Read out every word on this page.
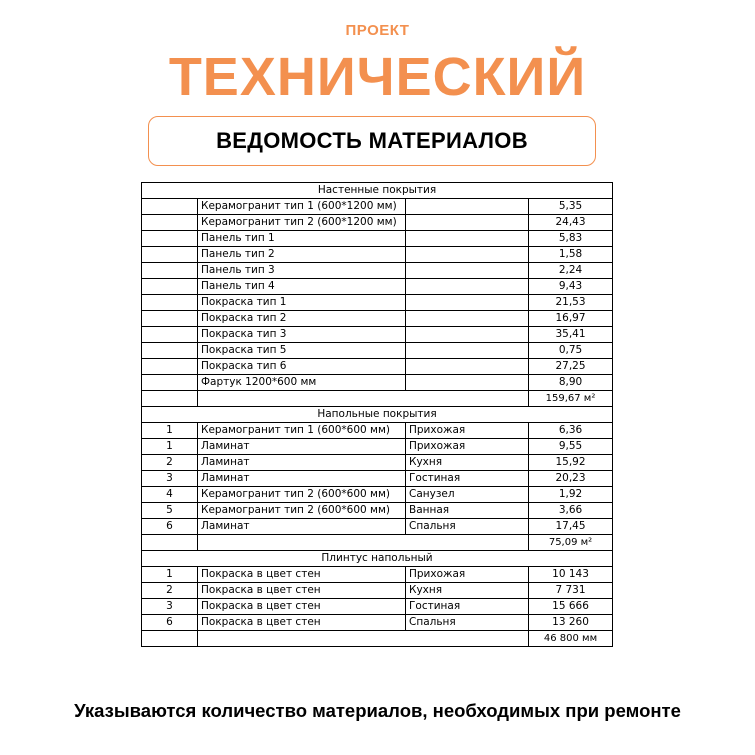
ПРОЕКТ
ТЕХНИЧЕСКИЙ
ВЕДОМОСТЬ МАТЕРИАЛОВ
Настенные покрытия			
	Керамогранит тип 1 (600*1200 мм)		5,35
	Керамогранит тип 2 (600*1200 мм)		24,43
	Панель тип 1		5,83
	Панель тип 2		1,58
	Панель тип 3		2,24
	Панель тип 4		9,43
	Покраска тип 1		21,53
	Покраска тип 2		16,97
	Покраска тип 3		35,41
	Покраска тип 5		0,75
	Покраска тип 6		27,25
	Фартук 1200*600 мм		8,90
			159,67 м²
Напольные покрытия			
1	Керамогранит тип 1 (600*600 мм)	Прихожая	6,36
1	Ламинат	Прихожая	9,55
2	Ламинат	Кухня	15,92
3	Ламинат	Гостиная	20,23
4	Керамогранит тип 2 (600*600 мм)	Санузел	1,92
5	Керамогранит тип 2 (600*600 мм)	Ванная	3,66
6	Ламинат	Спальня	17,45
			75,09 м²
Плинтус напольный			
1	Покраска в цвет стен	Прихожая	10 143
2	Покраска в цвет стен	Кухня	7 731
3	Покраска в цвет стен	Гостиная	15 666
6	Покраска в цвет стен	Спальня	13 260
			46 800 мм
Указываются количество материалов, необходимых при ремонте
